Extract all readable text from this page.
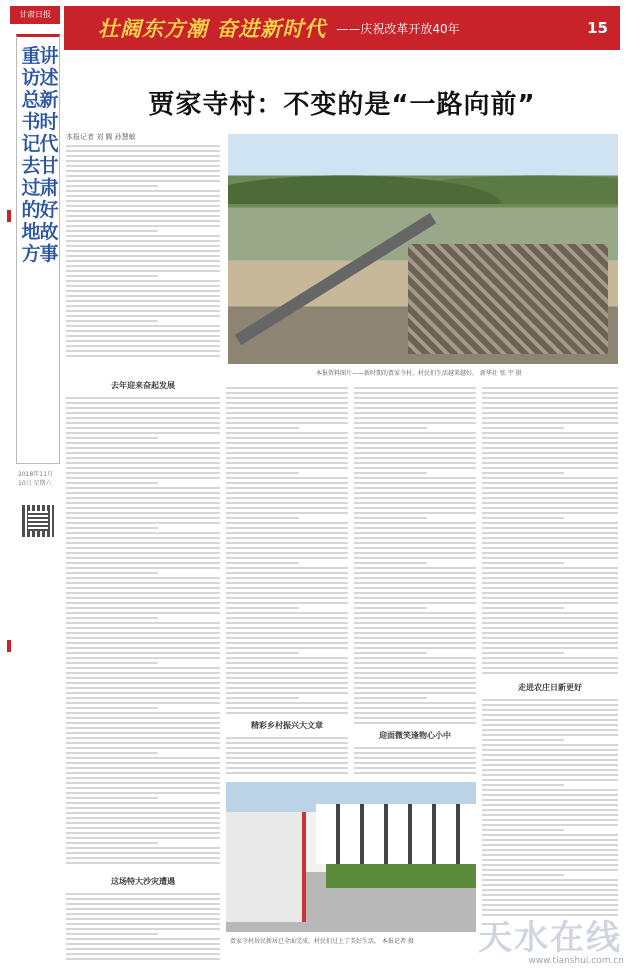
甘肃日报
壮阔东方潮 奋进新时代 ——庆祝改革开放40年	15
重访总书记去过的地方
讲述新时代甘肃好故事
2018年11月10日 星期六
贾家寺村：不变的是“一路向前”
本报记者 刘 腾 孙慧敏
本报资料图片——新时期的贾家寺村，村民们生活越来越好。 新华社 张 宇 摄
去年迎来奋起发展
这场特大沙灾遭遇
精彩乡村振兴大文章
迎面微笑逢物心小中
走进农庄日新更好
贾家寺村居民新居已全面完成，村民们过上了美好生活。 本报记者 摄	天水在线
www.tianshui.com.cn
